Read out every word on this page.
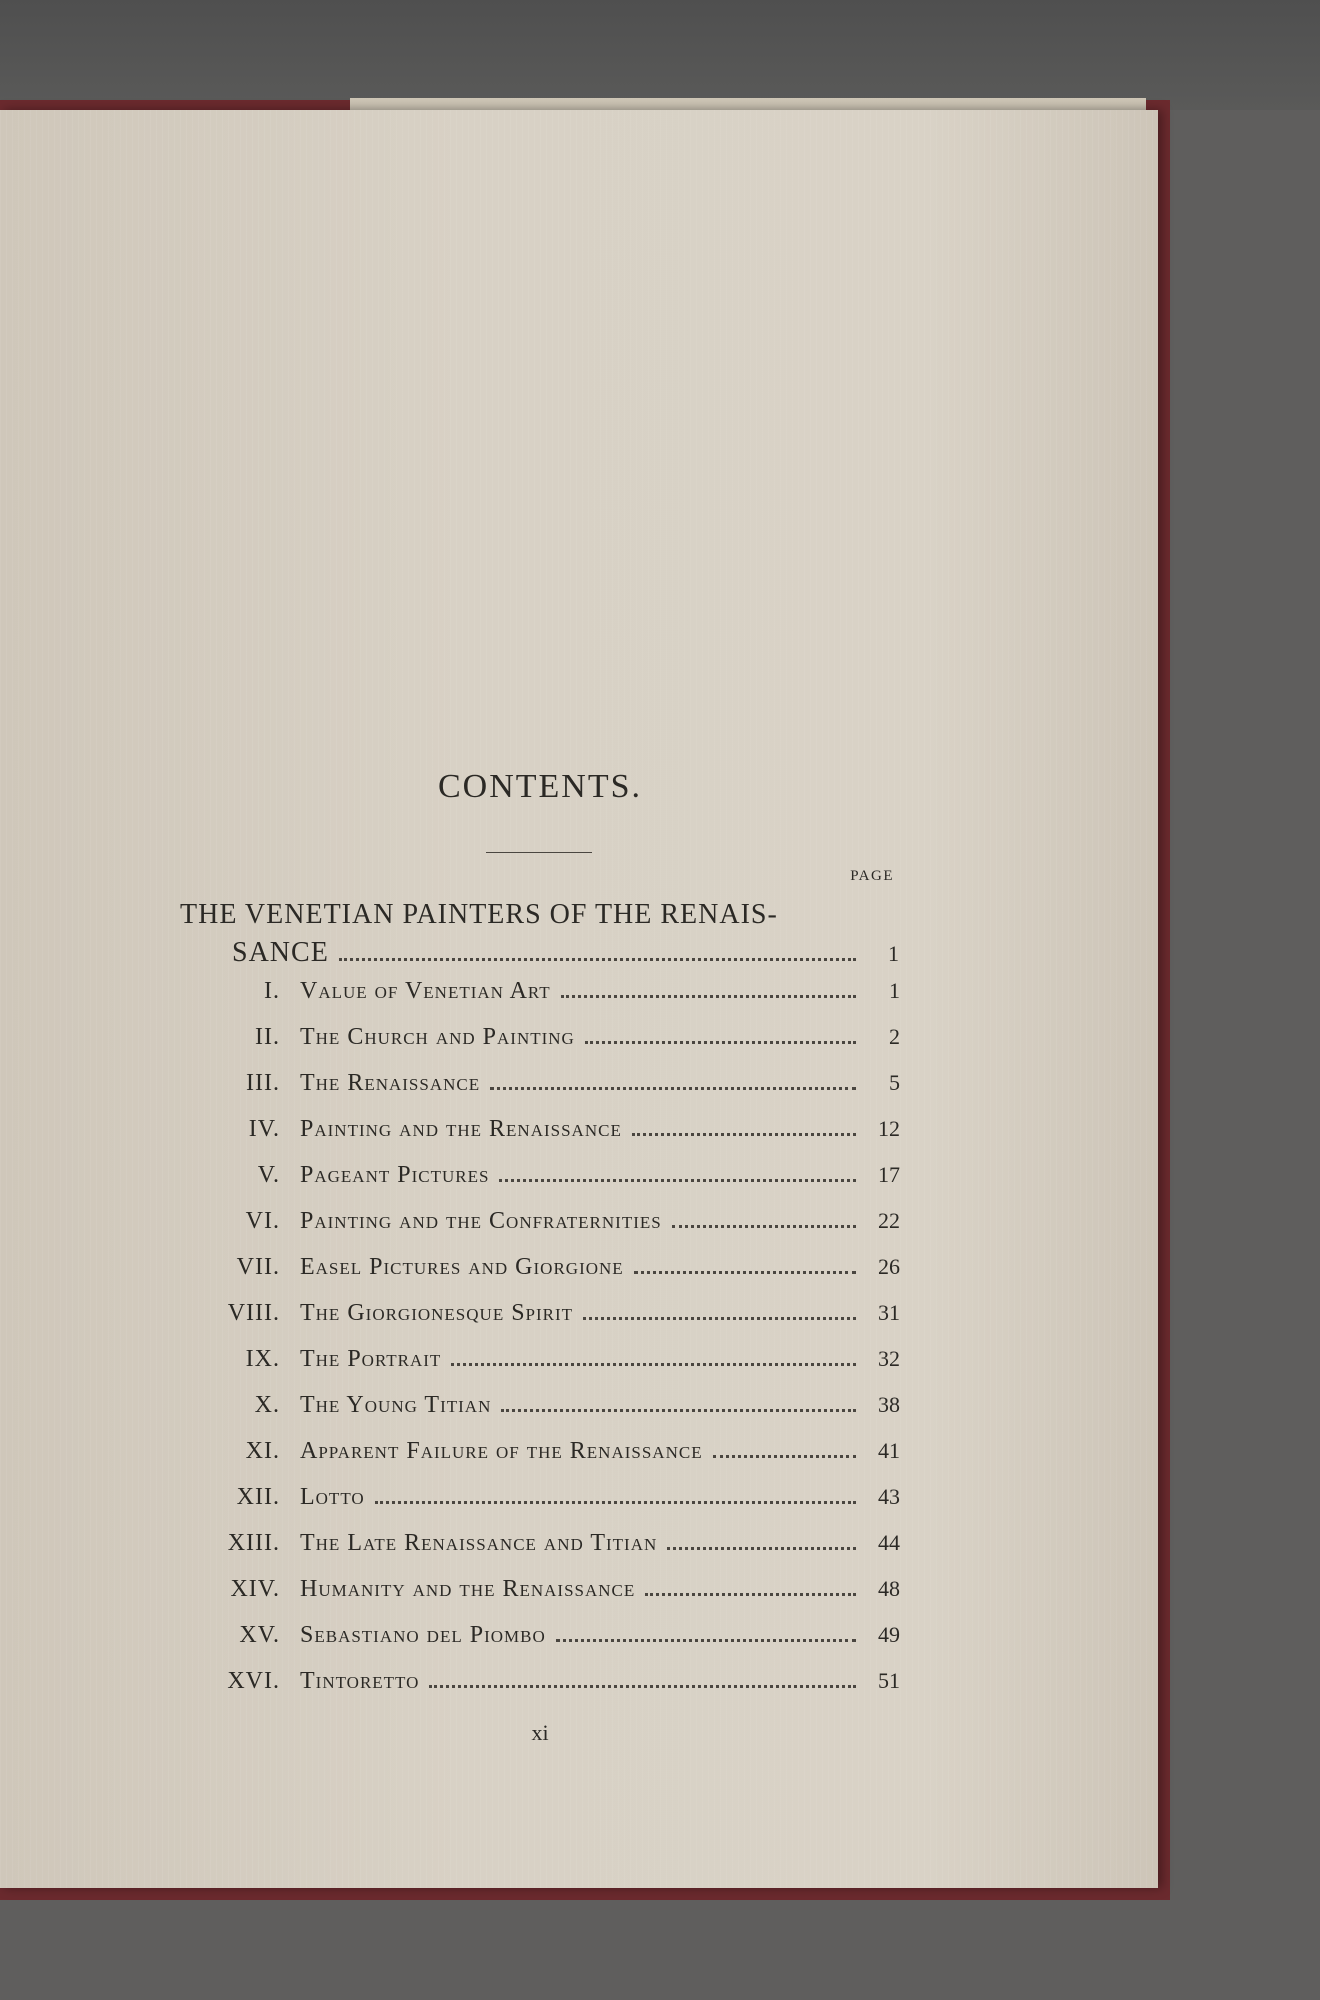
CONTENTS.
PAGE
THE VENETIAN PAINTERS OF THE RENAIS-
SANCE	1
I. Value of Venetian Art	1
II. The Church and Painting	2
III. The Renaissance	5
IV. Painting and the Renaissance	12
V. Pageant Pictures	17
VI. Painting and the Confraternities	22
VII. Easel Pictures and Giorgione	26
VIII. The Giorgionesque Spirit	31
IX. The Portrait	32
X. The Young Titian	38
XI. Apparent Failure of the Renaissance	41
XII. Lotto	43
XIII. The Late Renaissance and Titian	44
XIV. Humanity and the Renaissance	48
XV. Sebastiano del Piombo	49
XVI. Tintoretto	51
xi
